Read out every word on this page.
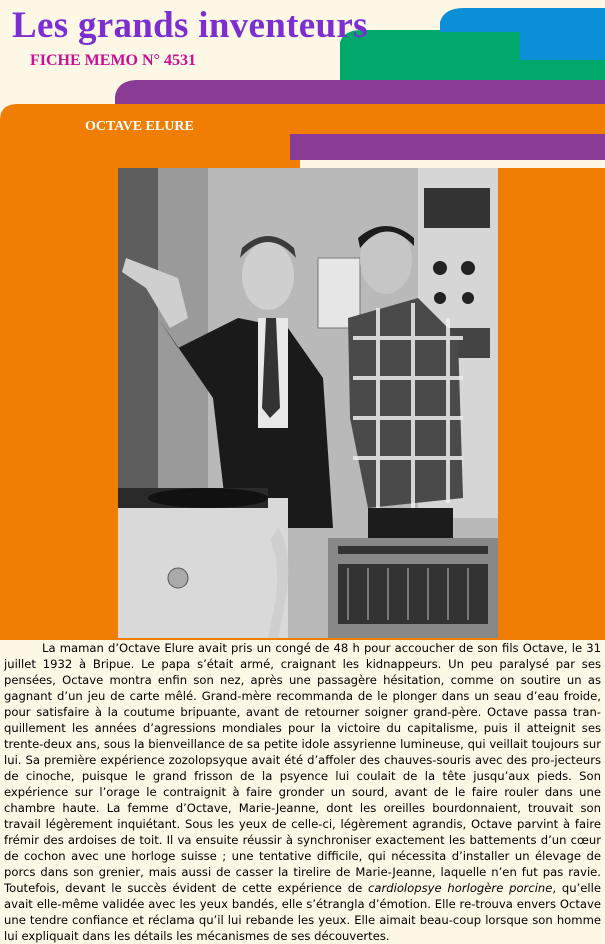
Les grands inventeurs
FICHE MEMO N° 4531
OCTAVE ELURE

La maman d’Octave Elure avait pris un congé de 48 h pour accoucher de son fils Octave, le 31 juillet 1932 à Bripue. Le papa s’était armé, craignant les kidnappeurs. Un peu paralysé par ses pensées, Octave montra enfin son nez, après une passagère hésitation, comme on soutire un as gagnant d’un jeu de carte mêlé. Grand-mère recommanda de le plonger dans un seau d’eau froide, pour satisfaire à la coutume bripuante, avant de retourner soigner grand-père. Octave passa tran-quillement les années d’agressions mondiales pour la victoire du capitalisme, puis il atteignit ses trente-deux ans, sous la bienveillance de sa petite idole assyrienne lumineuse, qui veillait toujours sur lui. Sa première expérience zozolopsyque avait été d’affoler des chauves-souris avec des pro-jecteurs de cinoche, puisque le grand frisson de la psyence lui coulait de la tête jusqu’aux pieds. Son expérience sur l’orage le contraignit à faire gronder un sourd, avant de le faire rouler dans une chambre haute. La femme d’Octave, Marie-Jeanne, dont les oreilles bourdonnaient, trouvait son travail légèrement inquiétant. Sous les yeux de celle-ci, légèrement agrandis, Octave parvint à faire frémir des ardoises de toit. Il va ensuite réussir à synchroniser exactement les battements d’un cœur de cochon avec une horloge suisse ; une tentative difficile, qui nécessita d’installer un élevage de porcs dans son grenier, mais aussi de casser la tirelire de Marie-Jeanne, laquelle n’en fut pas ravie. Toutefois, devant le succès évident de cette expérience de cardiolopsye horlogère porcine, qu’elle avait elle-même validée avec les yeux bandés, elle s’étrangla d’émotion. Elle re-trouva envers Octave une tendre confiance et réclama qu’il lui rebande les yeux. Elle aimait beau-coup lorsque son homme lui expliquait dans les détails les mécanismes de ses découvertes.
